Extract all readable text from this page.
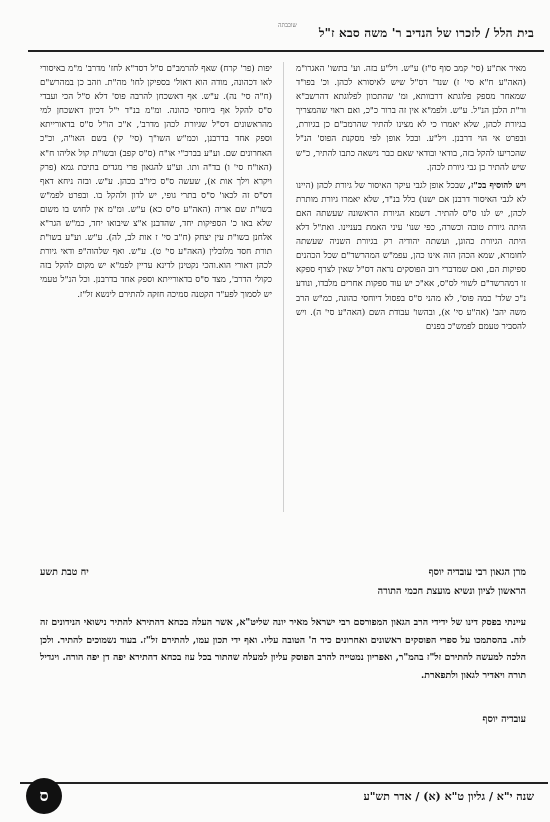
שוכבתה
בית הלל / לזכרו של הנדיב ר' משה סבא ז"ל

מאיר את"ע (סי' קמב סוף ס"ז) ע"ש. ויל"ע בזה. וע' בתשו' האגרו"מ (האה"ע ח"א סי' ז) שנד' דס"ל שיש לאיסורא לכהן. וכ' בפו"ד שמאחר מספק פלוגתא דרבוותא, ומ' שהתכוון לפלוגתא דהרשב"א ור"ת הלבן הנ"ל. ע"ש. ולפמ"א אין זה ברור כ"כ, ואם ראוי שהמצריך בגיורת לכהן, שלא יאמרו כי לא מצינו להתיר שהרמב"ם כן בגיורת, ובפרט אי הוי דרבנן. ויל"ע. ובכל אופן לפי מסקנת הפוס' הנ"ל שהכריעו להקל בזה, בודאי ובודאי שאם כבר נישאה כתבו להתיר, כ"ש שיש להתיר כן גבי גיורת לכהן.

ויש להוסיף בכ"ז, שבכל אופן לגבי עיקר האיסור של גיורת לכהן (היינו לא לגבי האיסור דרבנן אם ישנו) כלל בנ"ד, שלא יאמרו גיורת מותרת לכהן, יש לנו ס"ס להתיר. דשמא הגיורת הראשונה שעשתה האם היתה גיורת טובה וכשרה, כפי שנו' עיני האמת בעניינו. ואת"ל דלא היתה הגיורת כהוגן, ועשתה יהודיה רק בגיורת השניה שעשתה לחומרא, שמא הכהן הזה אינו כהן, עפמ"ש המהרשד"ם שכל הכהנים ספיקות הם, ואם שמדברי רוב הפוסקים נראה דס"ל שאין לצרף ספקא זו דמהרשד"ם לשווי לס"ס, אא"כ יש עוד ספקות אחרים מלבדו, ונודע נ"כ שלד' כמה פוס', לא מהני ס"ס בפסול דיוחסי כהונה, כמ"ש הרב משה יהב' (אה"ע סי' א), ובהשו' עבודת השם (האה"ע סי' ה). ויש להסביר טעמם לפמש"כ בפנים

יפות (פר' קרח) שאף להרמב"ם ס"ל דסד"א לחז' מדרב' מ"מ באיסורי לאו דכהונה, מודה הוא דאזל' בספיקן לחו' מה"ת. וזהב כן במהרש"ם (ח"ה סי' נה). ע"ש. אף דאשכחן להרבה פוס' דלא ס"ל הכי ועבדי ס"ס להקל אף ביוחסי כהונה. ומ"מ בנ"ד י"ל דכיון דאשכחן למי מהראשונים דס"ל שגיורת לכהן מדרב', א"כ הו"ל ס"ס בדאורייתא וספק אחד בדרבנן, וכמ"ש השו"ך (סי' קי) בשם האו"ה, וכ"כ האחרונים שם. וע"ע בברכ"י או"ח (ס"ס קפב) ובשו"ת קול אליהו ח"א (האו"ח סי' ו) בד"ה ותו. וע"ע להגאון פרי מגדים בתיבת גמא (פרק ויקרא וילך אות א), שעשה ס"ס כיו"ב בכהן. ע"ש. ובזה ניחא דאף דס"ס זה לכאו' ס"ס בתרי גופי, יש לדון ולהקל בו. ובפרט לפמ"ש בשו"ת שם אריה (האה"ע ס"ס כא) ע"ש. ומ"מ אין לחוש בו משום שלא באו כ' הספיקות יחד, שהדבנן א"צ שיבואו יחד, כמ"ש הגר"א אלחנן בשו"ת עין יצחק (ח"ב סי' ז אות לב, לה). ע"ש. וע"ע בשו"ת תורת חסד מלובלין (האה"ע סי' ט). ע"ש. ואף שלהוה"פ ודאי גיורת לכהן דאורי הוא.והכי נקטינן לדינא עדיין לפמ"א יש מקום להקל בזה כקולי הדרב', מצד ס"ס בדאורייתא וספק אחד בדרבנן. וכל הנ"ל טעמי יש לסמוך לפע"ד הקטנה סמיכה חזקה להתירם לינשא זל"ז.

מרן הגאון רבי עובדיה יוסף
הראשון לציון ונשיא מועצת חכמי התורה
יח טבת תשע
עיינתי בפסק דינו של ידידי הרב הגאון המפורסם רבי ישראל מאיר יונה שליט"א, אשר העלה בכחא דהתירא להתיר נישואי הנידונים זה לזה. בהסתמכו על ספרי הפוסקים ראשונים ואחרונים כיד ה' הטובה עליו. ואף ידי תכון עמו, להתירם זל"ז. בעוד נשמוכים להתיר. ולכן הלכה למעשה להתירם זל"ז בהמ"ר, ואפריון נמטייה להרב הפוסק עליון למעלה שהתור בכל עוז בכחא דהתירא יפה דן יפה הורה. ויגדיל תורה ויאדיר לגאון ולתפארת.
עובדיה יוסף
ס	שנה י"א / גליון ט"א (א) / אדר תש"ע
